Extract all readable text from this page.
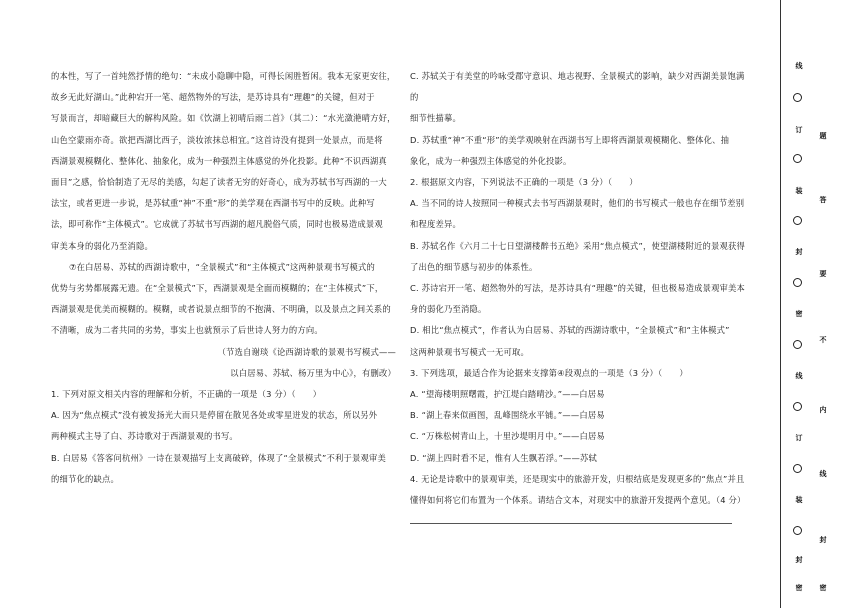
的本性，写了一首纯然抒情的绝句：“未成小隐聊中隐，可得长闲胜暂闲。我本无家更安往，

故乡无此好湖山。”此种宕开一笔、超然物外的写法，是苏诗具有“理趣”的关键，但对于

写景而言，却暗藏巨大的解构风险。如《饮湖上初晴后雨二首》（其二）：“水光潋滟晴方好，

山色空蒙雨亦奇。欲把西湖比西子，淡妆浓抹总相宜。”这首诗没有提到一处景点，而是将

西湖景观模糊化、整体化、抽象化，成为一种强烈主体感觉的外化投影。此种“不识西湖真

面目”之感，恰恰制造了无尽的美感，勾起了读者无穷的好奇心，成为苏轼书写西湖的一大

法宝，或者更进一步说，是苏轼重“神”不重“形”的美学观在西湖书写中的反映。此种写

法，即可称作“主体模式”。它成就了苏轼书写西湖的超凡脱俗气质，同时也极易造成景观

审美本身的弱化乃至消隐。

⑦在白居易、苏轼的西湖诗歌中，“全景模式”和“主体模式”这两种景观书写模式的

优势与劣势都展露无遗。在“全景模式”下，西湖景观是全面而模糊的；在“主体模式”下，

西湖景观是优美而模糊的。模糊，或者说景点细节的不抱满、不明确，以及景点之间关系的

不清晰，成为二者共同的劣势，事实上也就预示了后世诗人努力的方向。

（节选自谢琰《论西湖诗歌的景观书写模式——

以白居易、苏轼、杨万里为中心》，有删改）

1. 下列对原文相关内容的理解和分析，不正确的一项是（3 分）（　　）

A. 因为“焦点模式”没有被发扬光大而只是停留在散见各处或零星迸发的状态，所以另外

两种模式主导了白、苏诗歌对于西湖景观的书写。

B. 白居易《答客问杭州》一诗在景观描写上支离破碎，体现了“全景模式”不利于景观审美

的细节化的缺点。

C. 苏轼关于有美堂的吟咏受郡守意识、地志视野、全景模式的影响，缺少对西湖美景饱满的

细节性描摹。

D. 苏轼重“神”不重“形”的美学观映射在西湖书写上即将西湖景观模糊化、整体化、抽

象化，成为一种强烈主体感觉的外化投影。

2. 根据原文内容，下列说法不正确的一项是（3 分）（　　）

A. 当不同的诗人按照同一种模式去书写西湖景观时，他们的书写模式一般也存在细节差别

和程度差异。

B. 苏轼名作《六月二十七日望湖楼醉书五绝》采用“焦点模式”，使望湖楼附近的景观获得

了出色的细节感与初步的体系性。

C. 苏诗宕开一笔、超然物外的写法，是苏诗具有“理趣”的关键，但也极易造成景观审美本

身的弱化乃至消隐。

D. 相比“焦点模式”，作者认为白居易、苏轼的西湖诗歌中，“全景模式”和“主体模式”

这两种景观书写模式一无可取。

3. 下列选项，最适合作为论据来支撑第④段观点的一项是（3 分）（　　）

A. “望海楼明照曙霞，护江堤白踏晴沙。”——白居易

B. “湖上春来似画图，乱峰围绕水平铺。”——白居易

C. “万株松树青山上，十里沙堤明月中。”——白居易

D. “湖上四时看不足，惟有人生飘若浮。”——苏轼

4. 无论是诗歌中的景观审美，还是现实中的旅游开发，归根结底是发现更多的“焦点”并且

懂得如何将它们布置为一个体系。请结合文本，对现实中的旅游开发提两个意见。（4 分）

线
订
装
封
密
线
订
装
封
密
题
答
要
不
内
线
封
密
